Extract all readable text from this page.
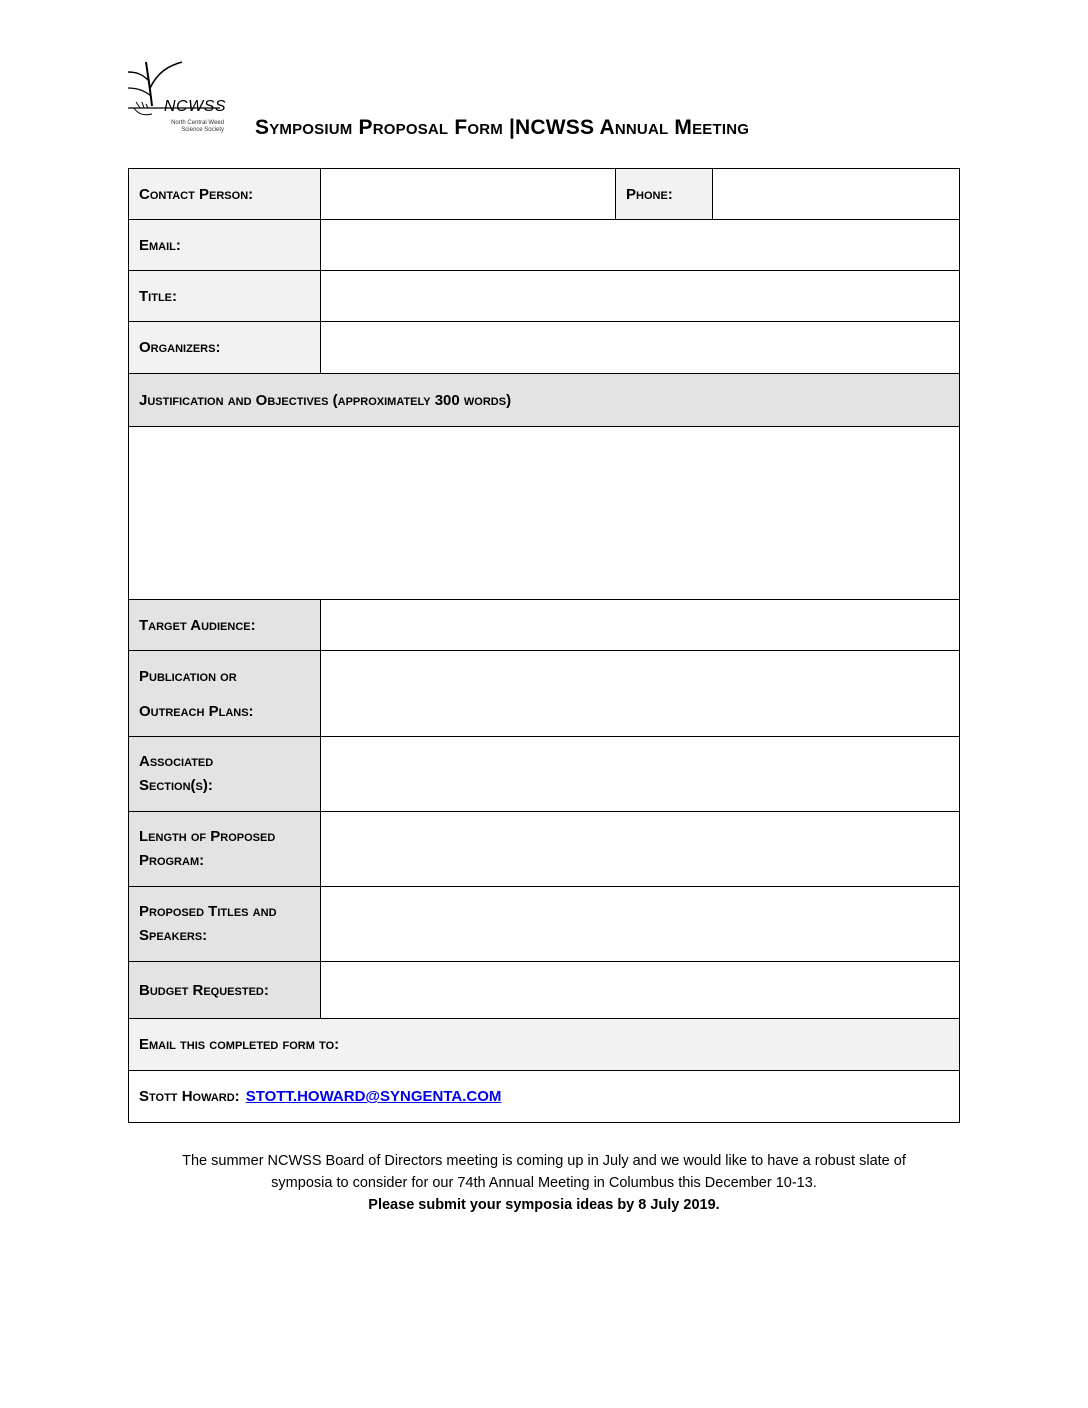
NCWSS
North Central Weed Science Society Symposium Proposal Form |NCWSS Annual Meeting
Contact Person:	Phone:
Email:
Title:
Organizers:
Justification and Objectives (approximately 300 words)
Target Audience:
Publication or
Outreach Plans:
Associated
Section(s):
Length of Proposed
Program:
Proposed Titles and
Speakers:
Budget Requested:
Email this completed form to:
Stott Howard: STOTT.HOWARD@SYNGENTA.COM
The summer NCWSS Board of Directors meeting is coming up in July and we would like to have a robust slate of
symposia to consider for our 74th Annual Meeting in Columbus this December 10-13.
Please submit your symposia ideas by 8 July 2019.
